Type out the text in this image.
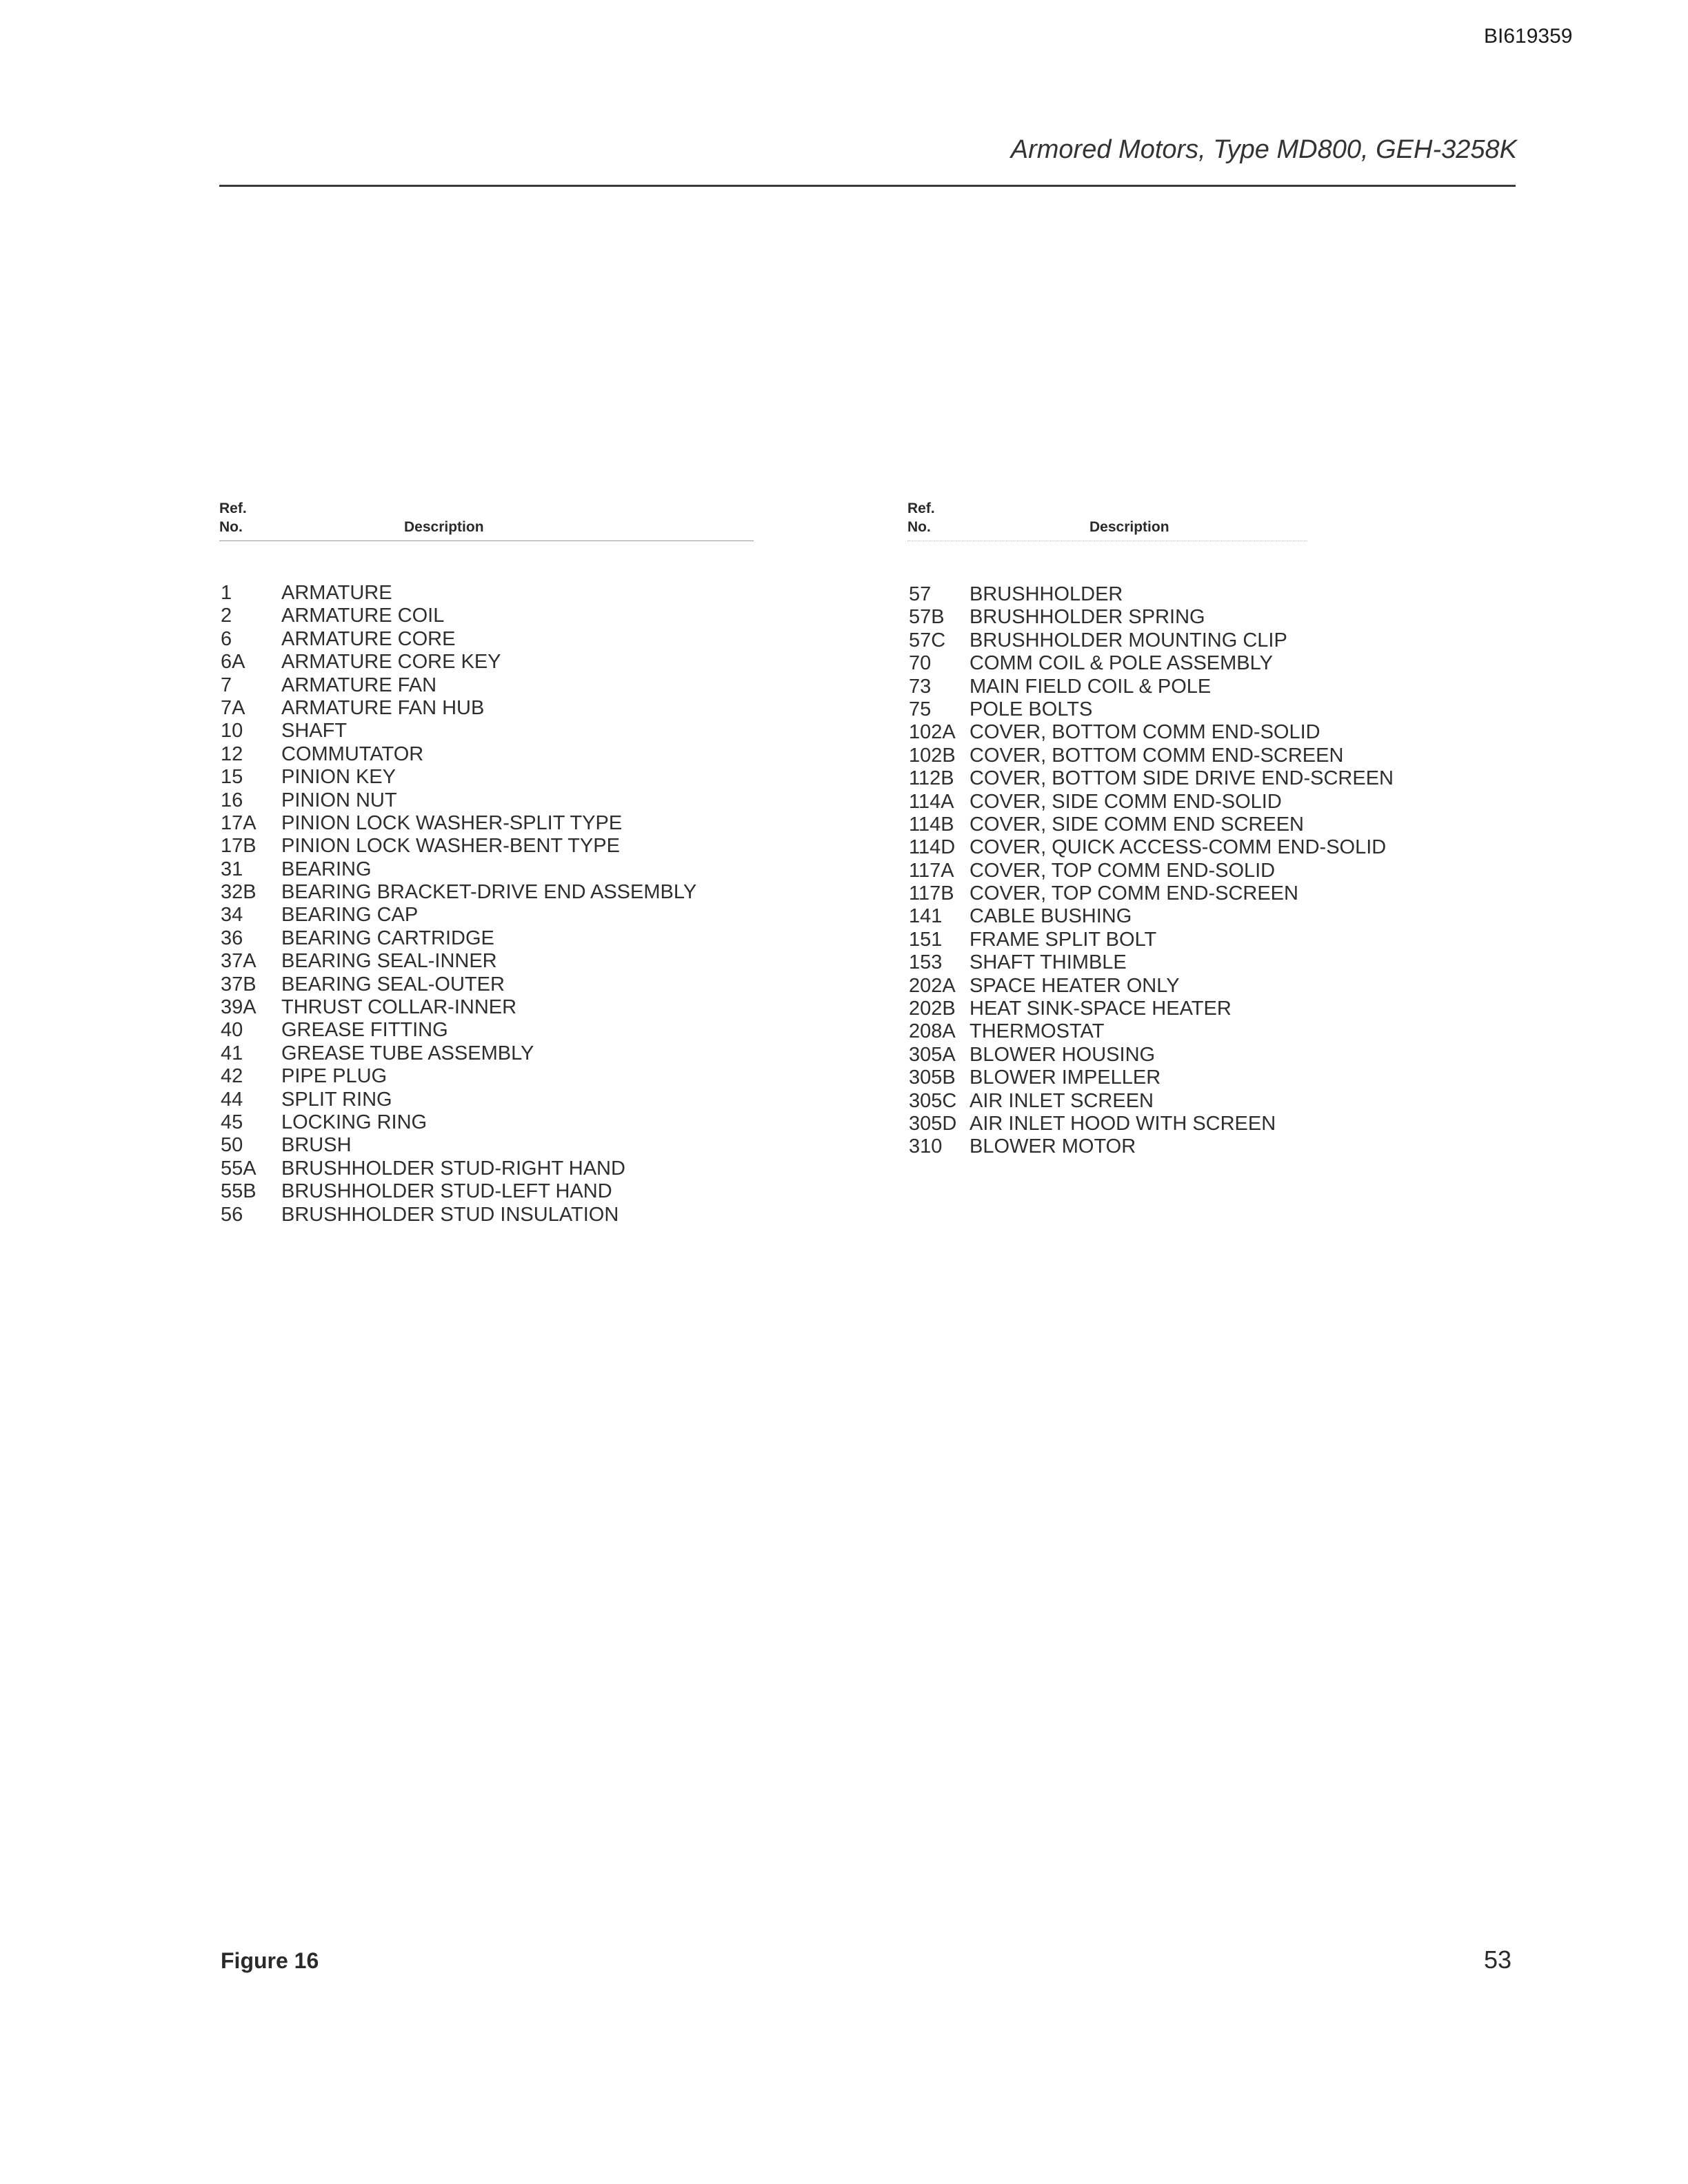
BI619359
Armored Motors, Type MD800, GEH-3258K
Ref.
No.	Description
1 ARMATURE
2 ARMATURE COIL
6 ARMATURE CORE
6A ARMATURE CORE KEY
7 ARMATURE FAN
7A ARMATURE FAN HUB
10 SHAFT
12 COMMUTATOR
15 PINION KEY
16 PINION NUT
17A PINION LOCK WASHER-SPLIT TYPE
17B PINION LOCK WASHER-BENT TYPE
31 BEARING
32B BEARING BRACKET-DRIVE END ASSEMBLY
34 BEARING CAP
36 BEARING CARTRIDGE
37A BEARING SEAL-INNER
37B BEARING SEAL-OUTER
39A THRUST COLLAR-INNER
40 GREASE FITTING
41 GREASE TUBE ASSEMBLY
42 PIPE PLUG
44 SPLIT RING
45 LOCKING RING
50 BRUSH
55A BRUSHHOLDER STUD-RIGHT HAND
55B BRUSHHOLDER STUD-LEFT HAND
56 BRUSHHOLDER STUD INSULATION
Ref.
No.	Description
57 BRUSHHOLDER
57B BRUSHHOLDER SPRING
57C BRUSHHOLDER MOUNTING CLIP
70 COMM COIL & POLE ASSEMBLY
73 MAIN FIELD COIL & POLE
75 POLE BOLTS
102A COVER, BOTTOM COMM END-SOLID
102B COVER, BOTTOM COMM END-SCREEN
112B COVER, BOTTOM SIDE DRIVE END-SCREEN
114A COVER, SIDE COMM END-SOLID
114B COVER, SIDE COMM END SCREEN
114D COVER, QUICK ACCESS-COMM END-SOLID
117A COVER, TOP COMM END-SOLID
117B COVER, TOP COMM END-SCREEN
141 CABLE BUSHING
151 FRAME SPLIT BOLT
153 SHAFT THIMBLE
202A SPACE HEATER ONLY
202B HEAT SINK-SPACE HEATER
208A THERMOSTAT
305A BLOWER HOUSING
305B BLOWER IMPELLER
305C AIR INLET SCREEN
305D AIR INLET HOOD WITH SCREEN
310 BLOWER MOTOR
Figure 16	53
